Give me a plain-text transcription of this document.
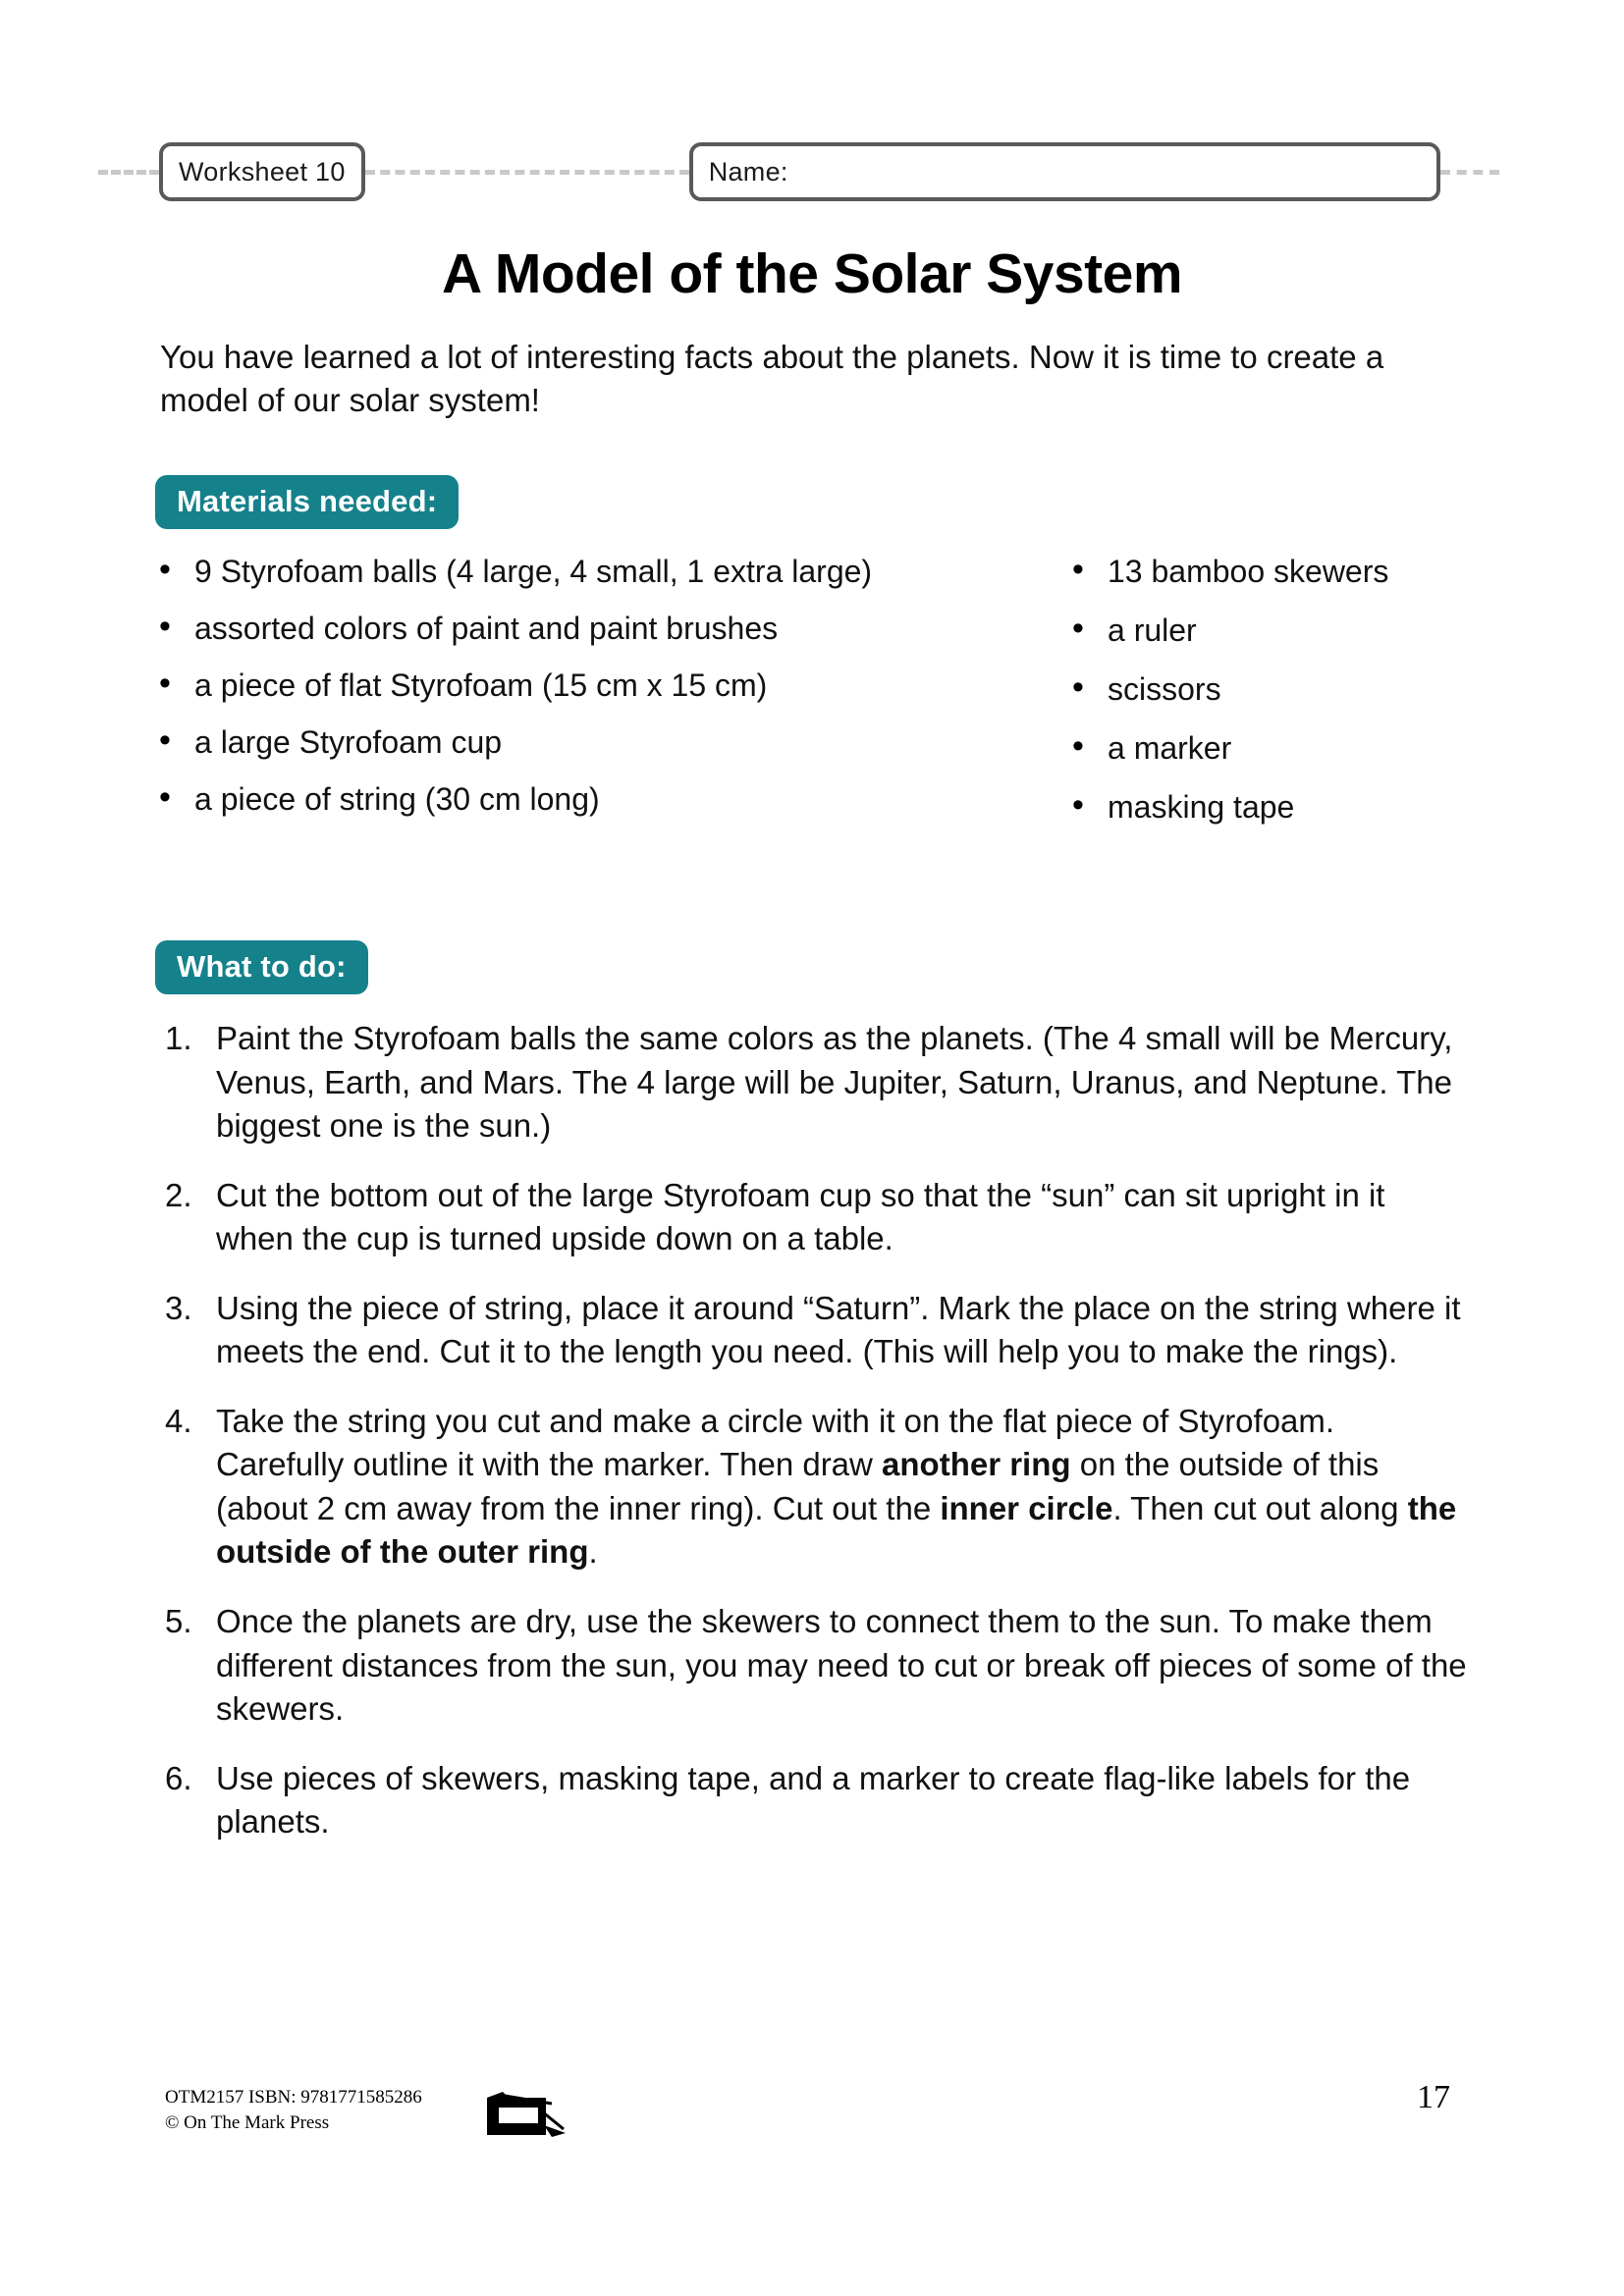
Worksheet 10	Name:
A Model of the Solar System
You have learned a lot of interesting facts about the planets. Now it is time to create a model of our solar system!
Materials needed:
• 9 Styrofoam balls (4 large, 4 small, 1 extra large)
• assorted colors of paint and paint brushes
• a piece of flat Styrofoam (15 cm x 15 cm)
• a large Styrofoam cup
• a piece of string (30 cm long)
• 13 bamboo skewers
• a ruler
• scissors
• a marker
• masking tape
What to do:
Paint the Styrofoam balls the same colors as the planets. (The 4 small will be Mercury, Venus, Earth, and Mars. The 4 large will be Jupiter, Saturn, Uranus, and Neptune. The biggest one is the sun.)
Cut the bottom out of the large Styrofoam cup so that the “sun” can sit upright in it when the cup is turned upside down on a table.
Using the piece of string, place it around “Saturn”. Mark the place on the string where it meets the end. Cut it to the length you need. (This will help you to make the rings).
Take the string you cut and make a circle with it on the flat piece of Styrofoam. Carefully outline it with the marker. Then draw another ring on the outside of this (about 2 cm away from the inner ring). Cut out the inner circle. Then cut out along the outside of the outer ring.
Once the planets are dry, use the skewers to connect them to the sun. To make them different distances from the sun, you may need to cut or break off pieces of some of the skewers.
Use pieces of skewers, masking tape, and a marker to create flag-like labels for the planets.
OTM2157 ISBN: 9781771585286
© On The Mark Press
17
